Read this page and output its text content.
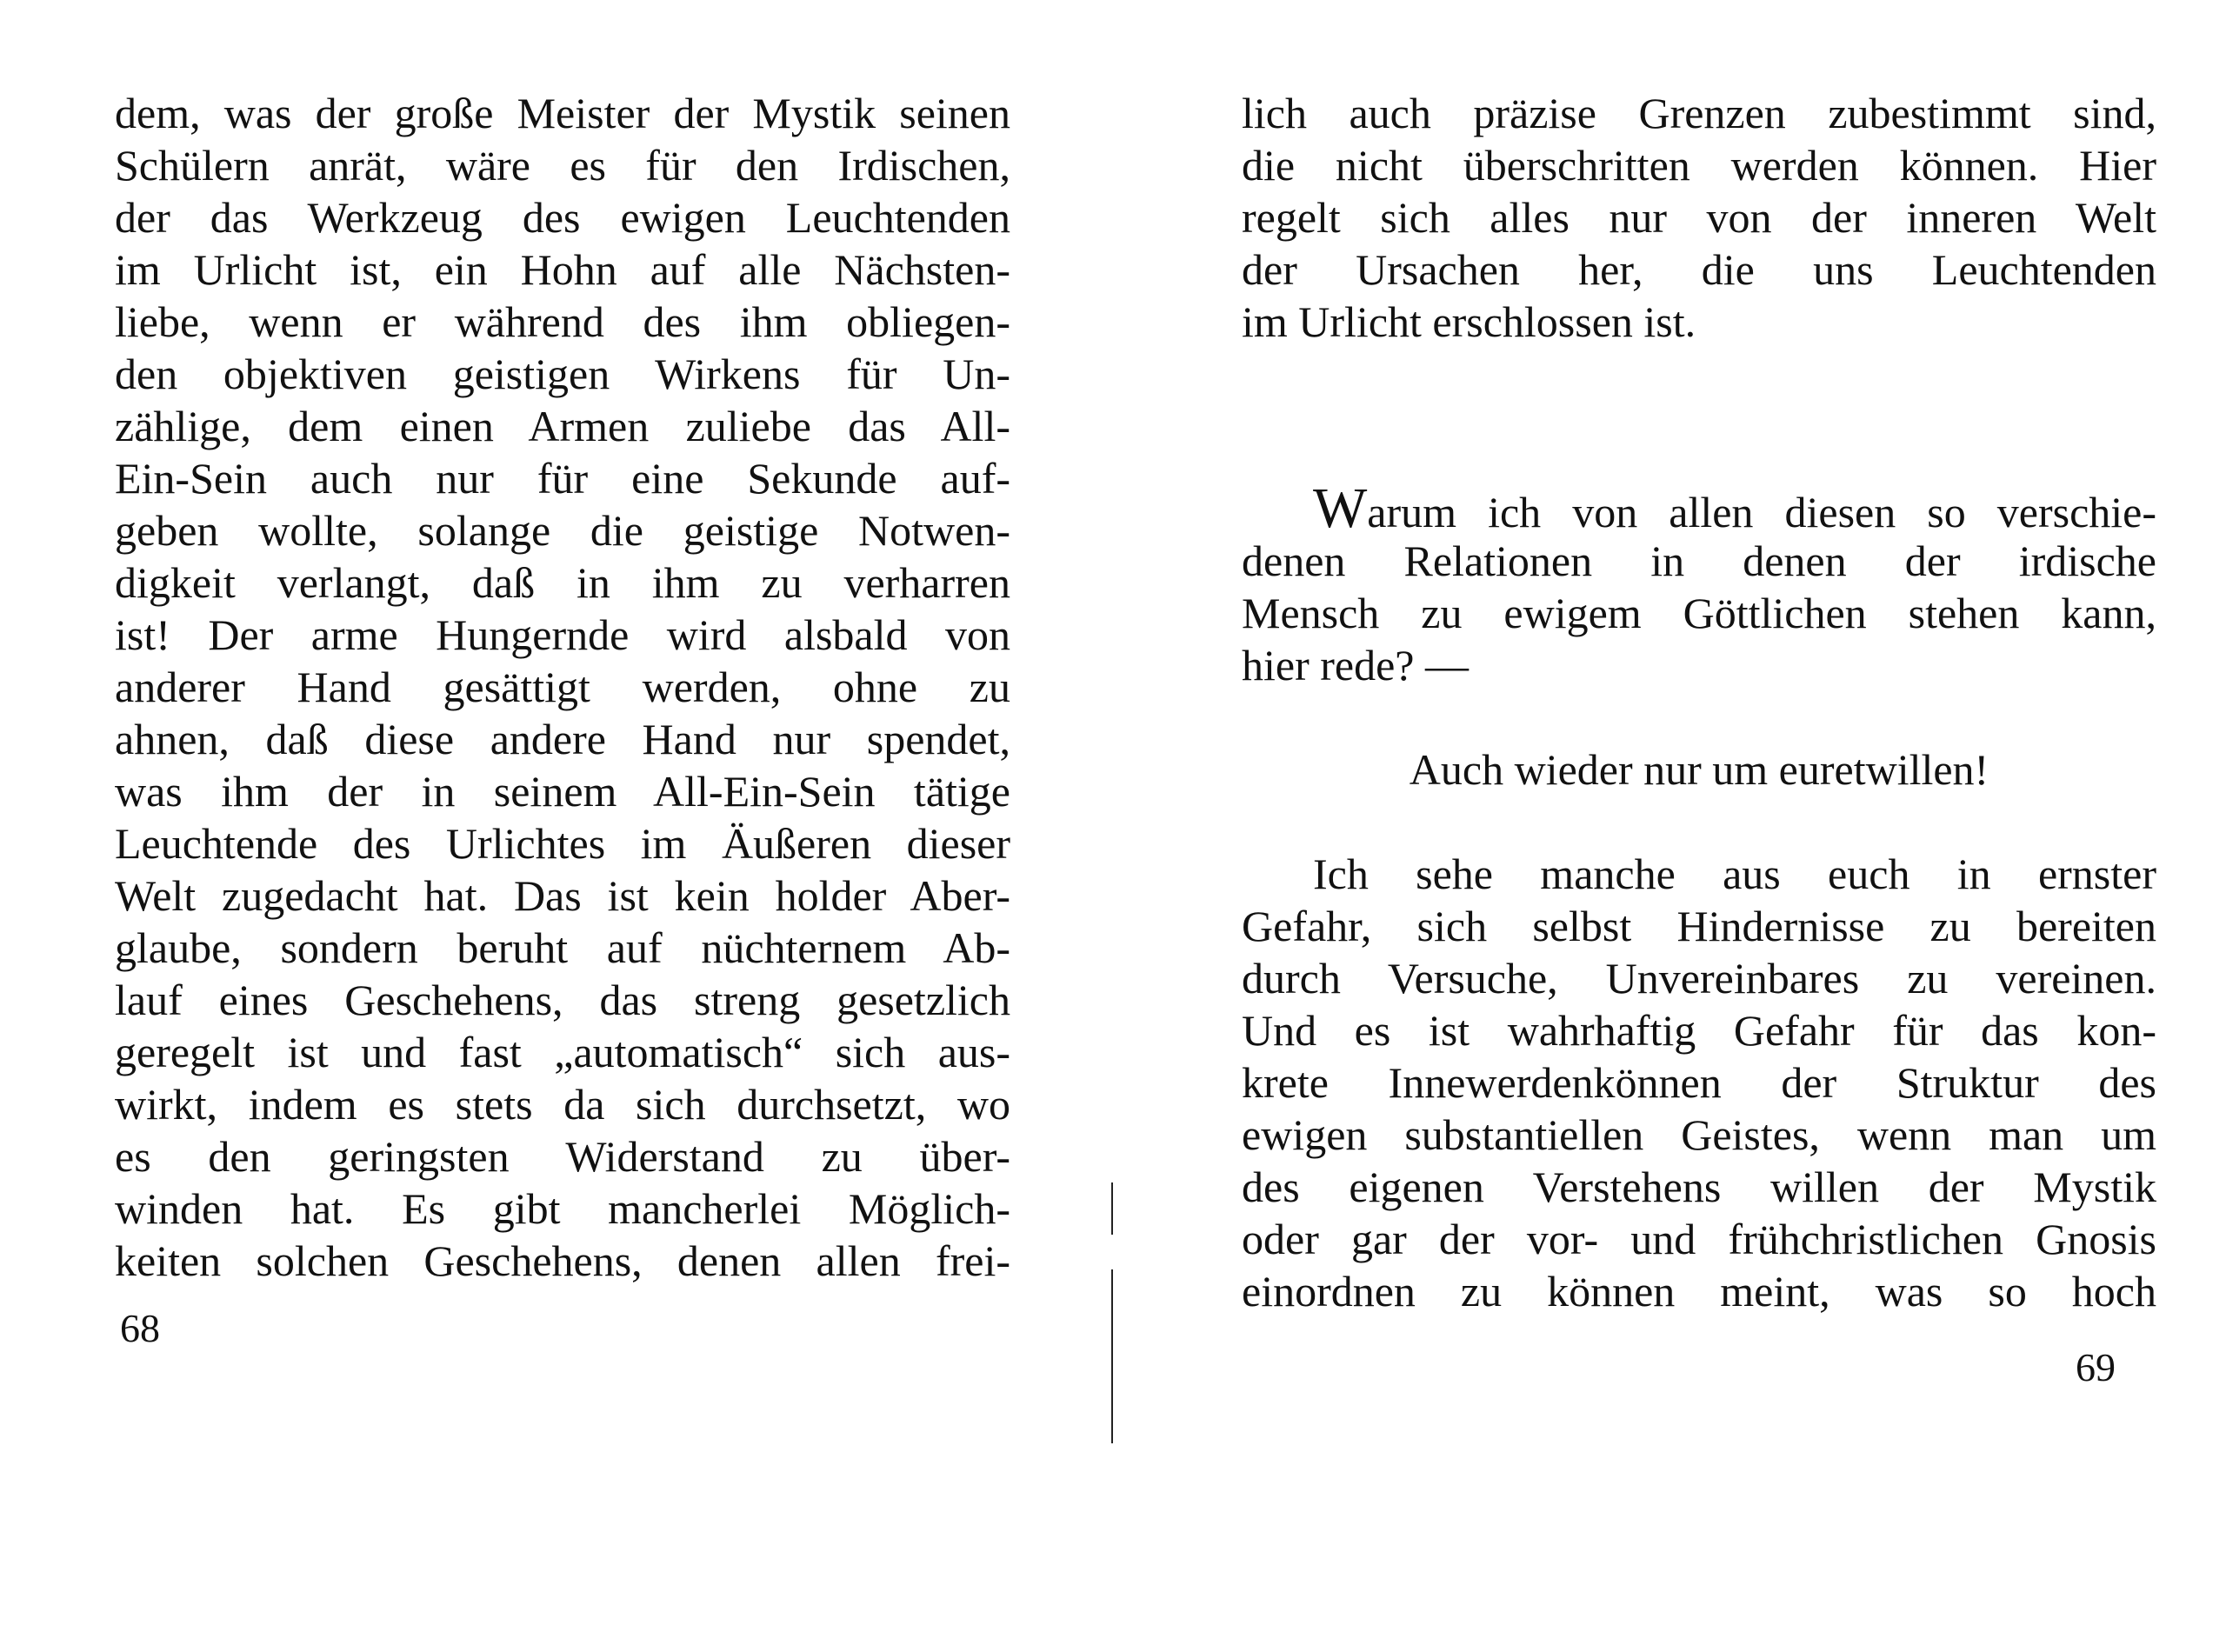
dem, was der große Meister der Mystik seinen
Schülern anrät, wäre es für den Irdischen,
der das Werkzeug des ewigen Leuchtenden
im Urlicht ist, ein Hohn auf alle Nächsten-
liebe, wenn er während des ihm obliegen-
den objektiven geistigen Wirkens für Un-
zählige, dem einen Armen zuliebe das All-
Ein-Sein auch nur für eine Sekunde auf-
geben wollte, solange die geistige Notwen-
digkeit verlangt, daß in ihm zu verharren
ist! Der arme Hungernde wird alsbald von
anderer Hand gesättigt werden, ohne zu
ahnen, daß diese andere Hand nur spendet,
was ihm der in seinem All-Ein-Sein tätige
Leuchtende des Urlichtes im Äußeren dieser
Welt zugedacht hat. Das ist kein holder Aber-
glaube, sondern beruht auf nüchternem Ab-
lauf eines Geschehens, das streng gesetzlich
geregelt ist und fast „automatisch“ sich aus-
wirkt, indem es stets da sich durchsetzt, wo
es den geringsten Widerstand zu über-
winden hat. Es gibt mancherlei Möglich-
keiten solchen Geschehens, denen allen frei-
68
lich auch präzise Grenzen zubestimmt sind,
die nicht überschritten werden können. Hier
regelt sich alles nur von der inneren Welt
der Ursachen her, die uns Leuchtenden
im Urlicht erschlossen ist.
Warum ich von allen diesen so verschie-
denen Relationen in denen der irdische
Mensch zu ewigem Göttlichen stehen kann,
hier rede? —
Auch wieder nur um euretwillen!
Ich sehe manche aus euch in ernster
Gefahr, sich selbst Hindernisse zu bereiten
durch Versuche, Unvereinbares zu vereinen.
Und es ist wahrhaftig Gefahr für das kon-
krete Innewerdenkönnen der Struktur des
ewigen substantiellen Geistes, wenn man um
des eigenen Verstehens willen der Mystik
oder gar der vor- und frühchristlichen Gnosis
einordnen zu können meint, was so hoch
69
